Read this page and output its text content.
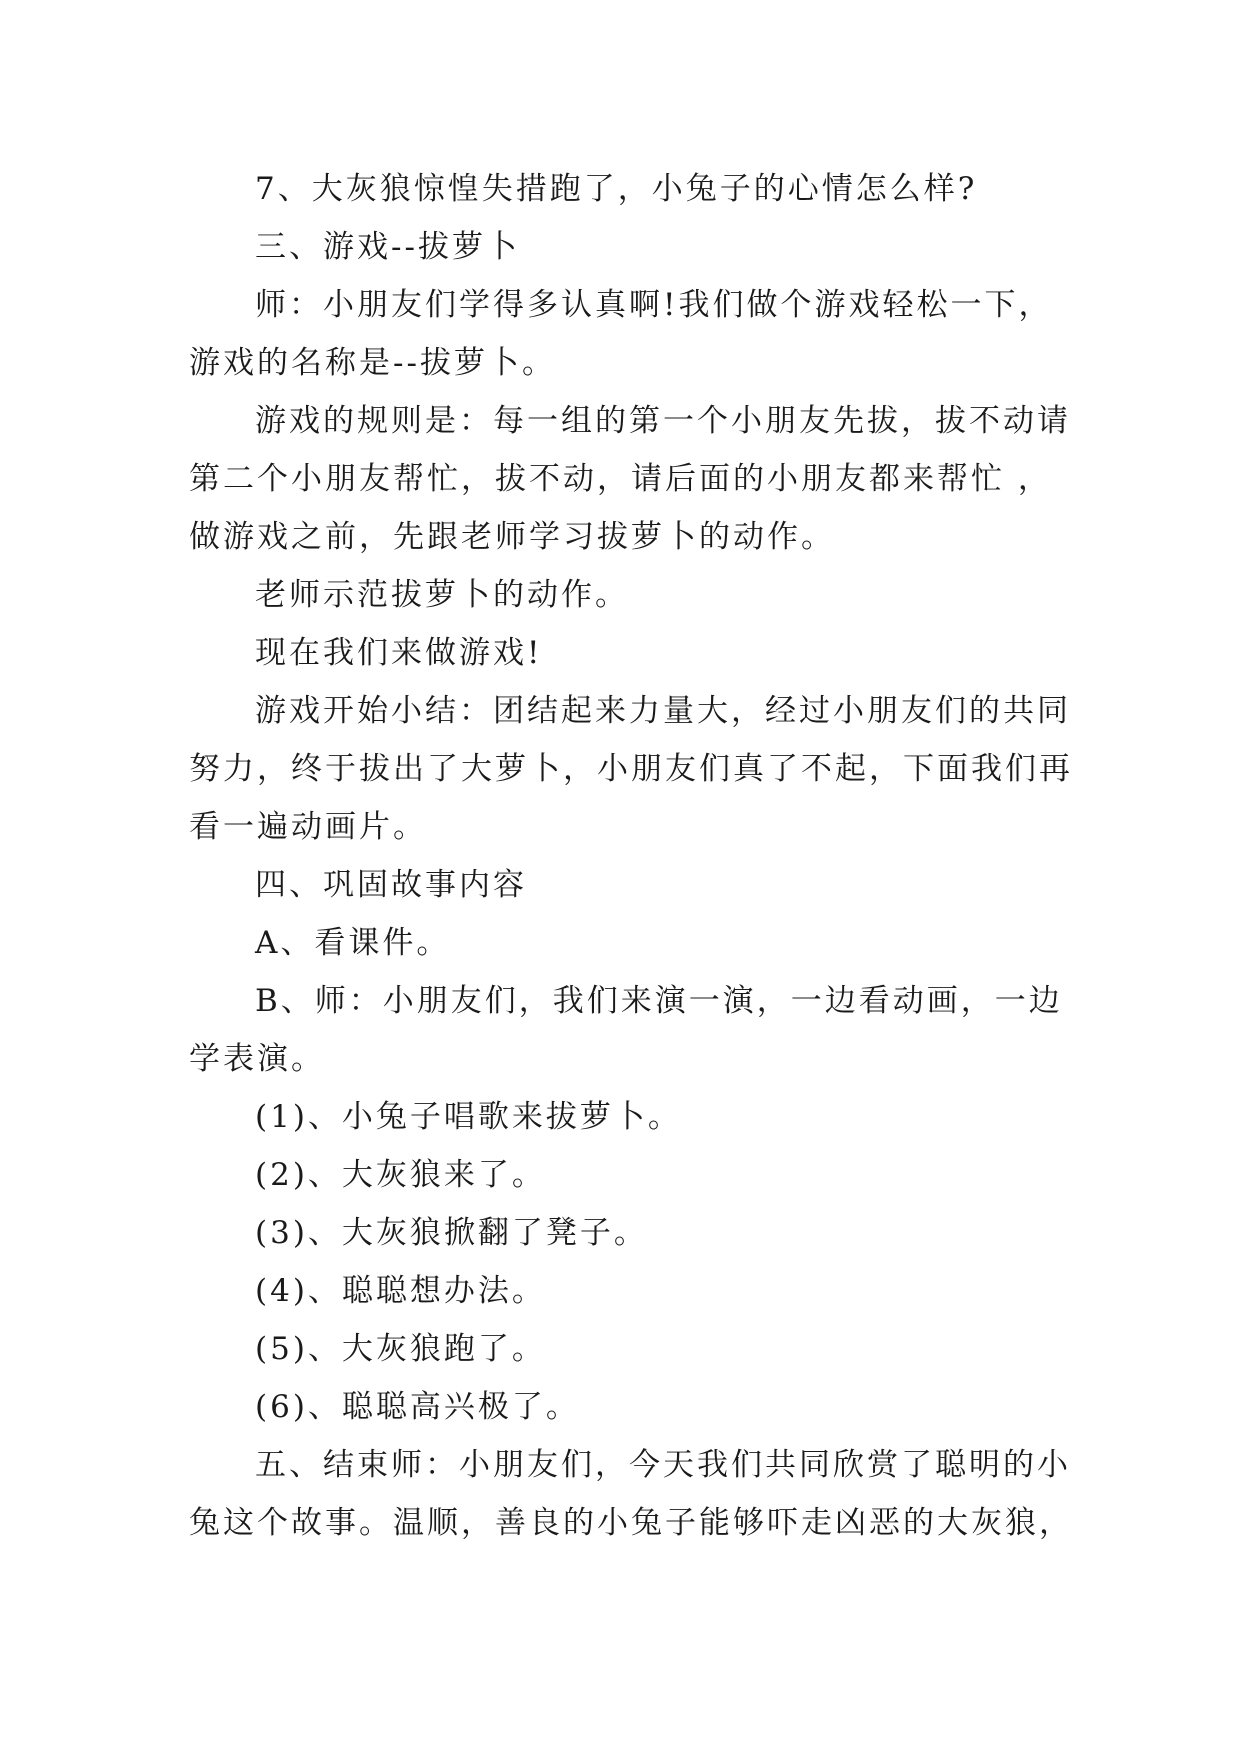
7、大灰狼惊惶失措跑了，小兔子的心情怎么样?

三、游戏--拔萝卜

师：小朋友们学得多认真啊!我们做个游戏轻松一下，
游戏的名称是--拔萝卜。

游戏的规则是：每一组的第一个小朋友先拔，拔不动请
第二个小朋友帮忙，拔不动，请后面的小朋友都来帮忙 ，
做游戏之前，先跟老师学习拔萝卜的动作。

老师示范拔萝卜的动作。

现在我们来做游戏!

游戏开始小结：团结起来力量大，经过小朋友们的共同
努力，终于拔出了大萝卜，小朋友们真了不起，下面我们再
看一遍动画片。

四、巩固故事内容

A、看课件。

B、师：小朋友们，我们来演一演，一边看动画，一边
学表演。

(1)、小兔子唱歌来拔萝卜。

(2)、大灰狼来了。

(3)、大灰狼掀翻了凳子。

(4)、聪聪想办法。

(5)、大灰狼跑了。

(6)、聪聪高兴极了。

五、结束师：小朋友们，今天我们共同欣赏了聪明的小
兔这个故事。温顺，善良的小兔子能够吓走凶恶的大灰狼，
